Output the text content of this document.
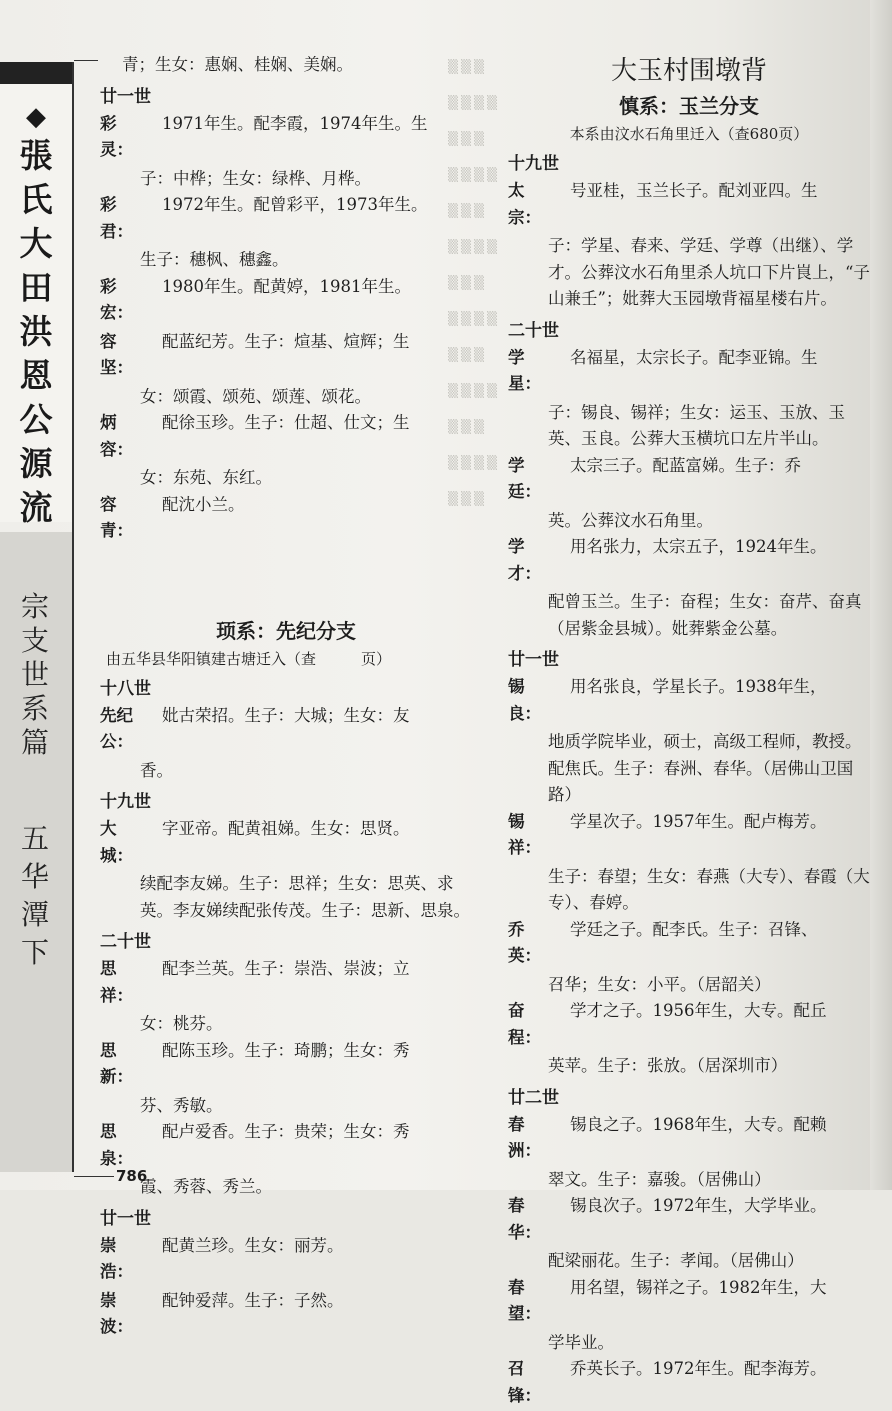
▒▒▒
▒▒▒▒
▒▒▒
▒▒▒▒
▒▒▒
▒▒▒▒
▒▒▒
▒▒▒▒
▒▒▒
▒▒▒▒
▒▒▒
▒▒▒▒
▒▒▒
◆
張
氏
大
田
洪
恩
公
源
流
宗
支
世
系
篇
五
华
潭
下
786
青；生女：惠娴、桂娴、美娴。
廿一世
彩　灵：
1971年生。配李霞，1974年生。生
子：中桦；生女：绿桦、月桦。
彩　君：
1972年生。配曾彩平，1973年生。
生子：穗枫、穗鑫。
彩　宏：
1980年生。配黄婷，1981年生。
容　坚：
配蓝纪芳。生子：煊基、煊辉；生
女：颂霞、颂苑、颂莲、颂花。
炳　容：
配徐玉珍。生子：仕超、仕文；生
女：东苑、东红。
容　青：
配沈小兰。
顼系：先纪分支
由五华县华阳镇建古塘迁入（查　　　页）
十八世
先纪公：
妣古荣招。生子：大城；生女：友
香。
十九世
大　城：
字亚帝。配黄祖娣。生女：思贤。
续配李友娣。生子：思祥；生女：思英、求英。李友娣续配张传茂。生子：思新、思泉。
二十世
思　祥：
配李兰英。生子：崇浩、崇波；立
女：桃芬。
思　新：
配陈玉珍。生子：琦鹏；生女：秀
芬、秀敏。
思　泉：
配卢爱香。生子：贵荣；生女：秀
霞、秀蓉、秀兰。
廿一世
崇　浩：
配黄兰珍。生女：丽芳。
崇　波：
配钟爱萍。生子：子然。
大玉村围墩背
慎系：玉兰分支
本系由汶水石角里迁入（查680页）
十九世
太　宗：
号亚桂，玉兰长子。配刘亚四。生
子：学星、春来、学廷、学尊（出继）、学才。公葬汶水石角里杀人坑口下片峎上，“子山兼壬”；妣葬大玉园墩背福星楼右片。
二十世
学　星：
名福星，太宗长子。配李亚锦。生
子：锡良、锡祥；生女：运玉、玉放、玉英、玉良。公葬大玉横坑口左片半山。
学　廷：
太宗三子。配蓝富娣。生子：乔
英。公葬汶水石角里。
学　才：
用名张力，太宗五子，1924年生。
配曾玉兰。生子：奋程；生女：奋芹、奋真（居紫金县城）。妣葬紫金公墓。
廿一世
锡　良：
用名张良，学星长子。1938年生，
地质学院毕业，硕士，高级工程师，教授。配焦氏。生子：春洲、春华。（居佛山卫国路）
锡　祥：
学星次子。1957年生。配卢梅芳。
生子：春望；生女：春燕（大专）、春霞（大专）、春婷。
乔　英：
学廷之子。配李氏。生子：召锋、
召华；生女：小平。（居韶关）
奋　程：
学才之子。1956年生，大专。配丘
英苹。生子：张放。（居深圳市）
廿二世
春　洲：
锡良之子。1968年生，大专。配赖
翠文。生子：嘉骏。（居佛山）
春　华：
锡良次子。1972年生，大学毕业。
配梁丽花。生子：孝闻。（居佛山）
春　望：
用名望，锡祥之子。1982年生，大
学毕业。
召　锋：
乔英长子。1972年生。配李海芳。
